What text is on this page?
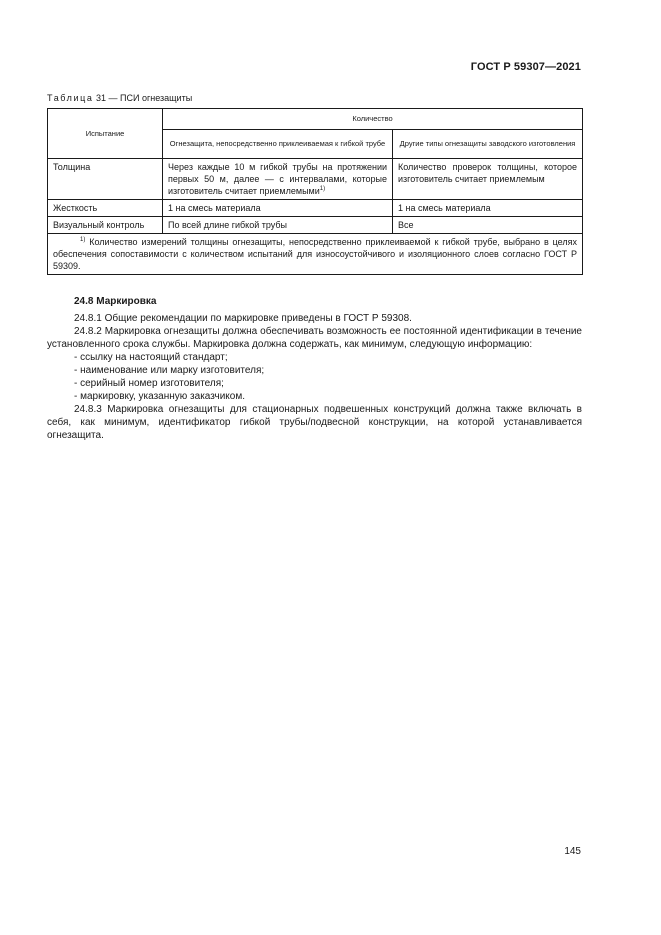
ГОСТ Р 59307—2021
Таблица 31 — ПСИ огнезащиты
Испытание	Количество	
	Огнезащита, непосредственно приклеиваемая к гибкой трубе	Другие типы огнезащиты заводского изготовления
Толщина	Через каждые 10 м гибкой трубы на протяжении первых 50 м, далее — с интервалами, которые изготовитель считает приемлемыми$^{1)}$	Количество проверок толщины, которое изготовитель считает приемлемым
Жесткость	1 на смесь материала	1 на смесь материала
Визуальный контроль	По всей длине гибкой трубы	Все
$^{1)}$ Количество измерений толщины огнезащиты, непосредственно приклеиваемой к гибкой трубе, выбрано в целях обеспечения сопоставимости с количеством испытаний для износоустойчивого и изоляционного слоев согласно ГОСТ Р 59309.		

24.8 Маркировка

24.8.1 Общие рекомендации по маркировке приведены в ГОСТ Р 59308.

24.8.2 Маркировка огнезащиты должна обеспечивать возможность ее постоянной идентификации в течение установленного срока службы. Маркировка должна содержать, как минимум, следующую информацию:

- ссылку на настоящий стандарт;

- наименование или марку изготовителя;

- серийный номер изготовителя;

- маркировку, указанную заказчиком.

24.8.3 Маркировка огнезащиты для стационарных подвешенных конструкций должна также включать в себя, как минимум, идентификатор гибкой трубы/подвесной конструкции, на которой устанавливается огнезащита.

145
